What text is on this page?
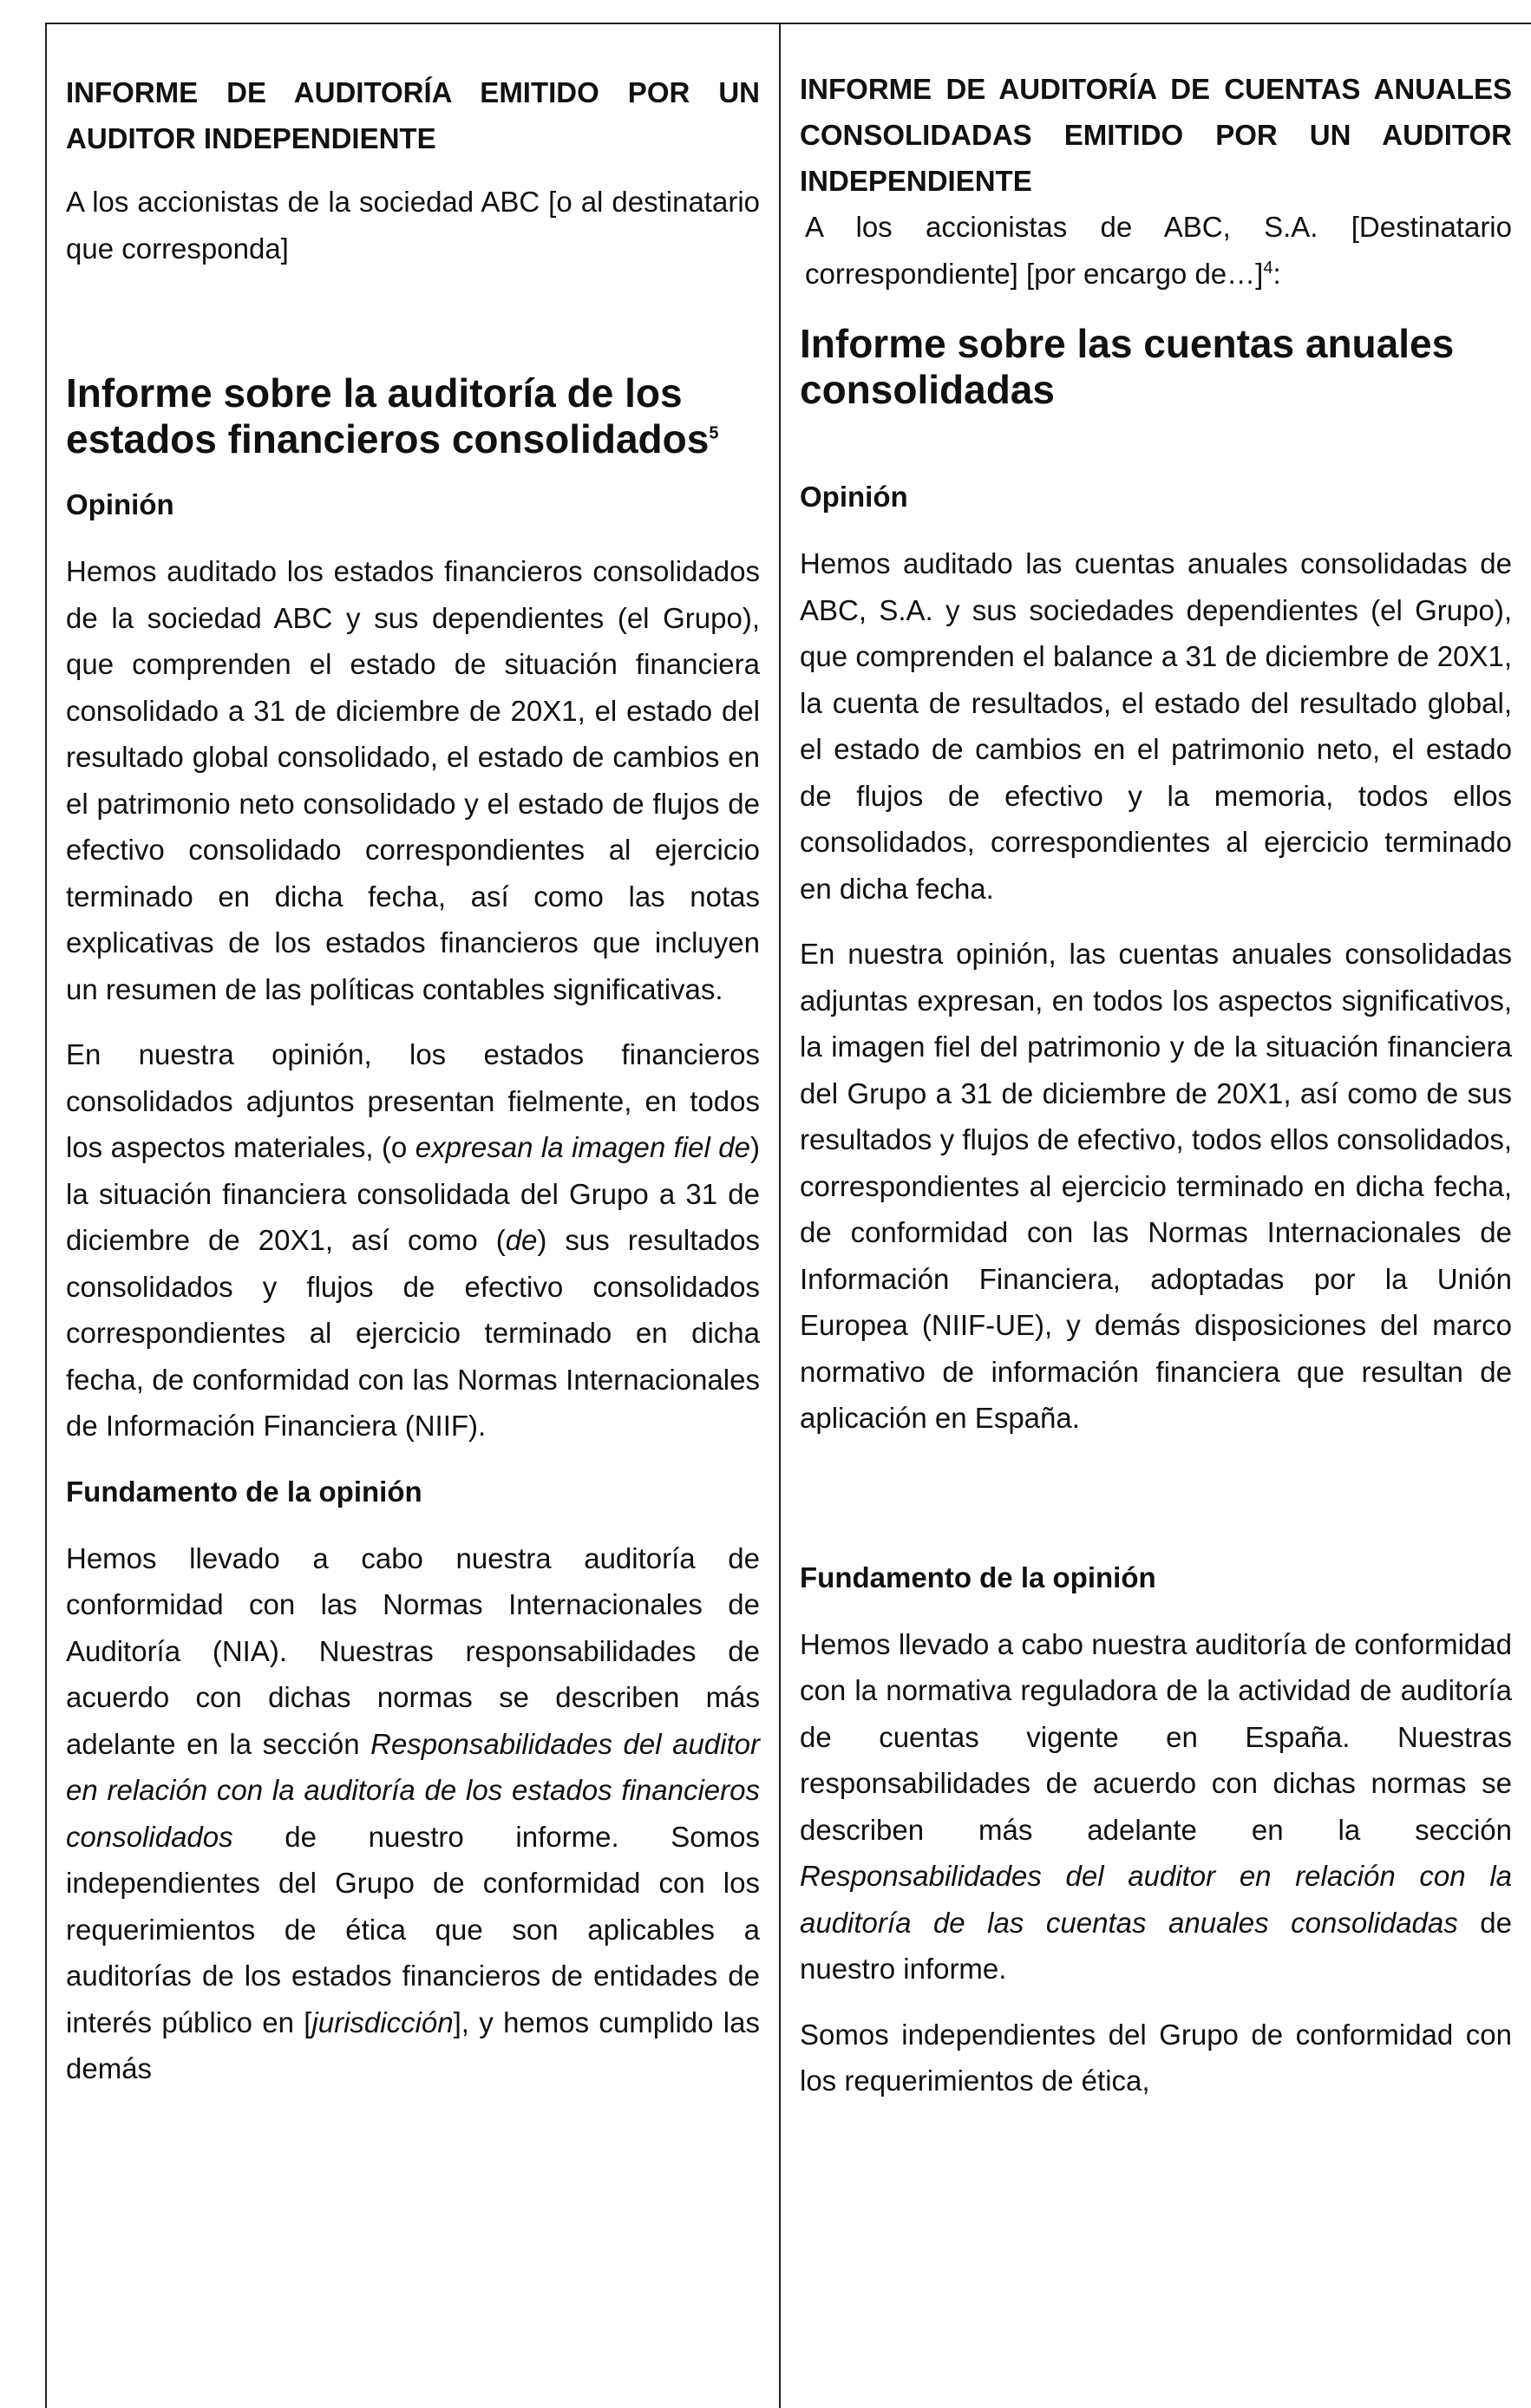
INFORME DE AUDITORÍA EMITIDO POR UN AUDITOR INDEPENDIENTE

A los accionistas de la sociedad ABC [o al destinatario que corresponda]

Informe sobre la auditoría de los estados financieros consolidados$^5$
Opinión

Hemos auditado los estados financieros consolidados de la sociedad ABC y sus dependientes (el Grupo), que comprenden el estado de situación financiera consolidado a 31 de diciembre de 20X1, el estado del resultado global consolidado, el estado de cambios en el patrimonio neto consolidado y el estado de flujos de efectivo consolidado correspondientes al ejercicio terminado en dicha fecha, así como las notas explicativas de los estados financieros que incluyen un resumen de las políticas contables significativas.

En nuestra opinión, los estados financieros consolidados adjuntos presentan fielmente, en todos los aspectos materiales, (o expresan la imagen fiel de) la situación financiera consolidada del Grupo a 31 de diciembre de 20X1, así como (de) sus resultados consolidados y flujos de efectivo consolidados correspondientes al ejercicio terminado en dicha fecha, de conformidad con las Normas Internacionales de Información Financiera (NIIF).

Fundamento de la opinión

Hemos llevado a cabo nuestra auditoría de conformidad con las Normas Internacionales de Auditoría (NIA). Nuestras responsabilidades de acuerdo con dichas normas se describen más adelante en la sección Responsabilidades del auditor en relación con la auditoría de los estados financieros consolidados de nuestro informe. Somos independientes del Grupo de conformidad con los requerimientos de ética que son aplicables a auditorías de los estados financieros de entidades de interés público en [jurisdicción], y hemos cumplido las demás

INFORME DE AUDITORÍA DE CUENTAS ANUALES CONSOLIDADAS EMITIDO POR UN AUDITOR INDEPENDIENTE

A los accionistas de ABC, S.A. [Destinatario correspondiente] [por encargo de…]$^4$:

Informe sobre las cuentas anuales consolidadas
Opinión

Hemos auditado las cuentas anuales consolidadas de ABC, S.A. y sus sociedades dependientes (el Grupo), que comprenden el balance a 31 de diciembre de 20X1, la cuenta de resultados, el estado del resultado global, el estado de cambios en el patrimonio neto, el estado de flujos de efectivo y la memoria, todos ellos consolidados, correspondientes al ejercicio terminado en dicha fecha.

En nuestra opinión, las cuentas anuales consolidadas adjuntas expresan, en todos los aspectos significativos, la imagen fiel del patrimonio y de la situación financiera del Grupo a 31 de diciembre de 20X1, así como de sus resultados y flujos de efectivo, todos ellos consolidados, correspondientes al ejercicio terminado en dicha fecha, de conformidad con las Normas Internacionales de Información Financiera, adoptadas por la Unión Europea (NIIF-UE), y demás disposiciones del marco normativo de información financiera que resultan de aplicación en España.

Fundamento de la opinión

Hemos llevado a cabo nuestra auditoría de conformidad con la normativa reguladora de la actividad de auditoría de cuentas vigente en España. Nuestras responsabilidades de acuerdo con dichas normas se describen más adelante en la sección Responsabilidades del auditor en relación con la auditoría de las cuentas anuales consolidadas de nuestro informe.

Somos independientes del Grupo de conformidad con los requerimientos de ética,
